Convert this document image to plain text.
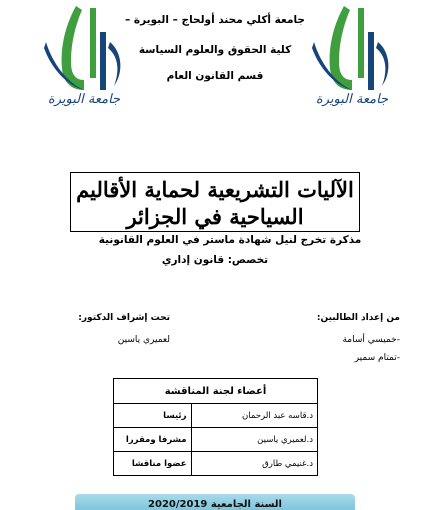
جامعة البويرة
جامعة البويرة
جامعة أكلي محند أولحاج – البويرة –
كلية الحقوق والعلوم السياسة
قسم القانون العام
الآليات التشريعية لحماية الأقاليم
السياحية في الجزائر
مذكرة تخرج لنيل شهادة ماستر في العلوم القانونية
تخصص: قانون إداري
من إعداد الطالبين:
-خميسي أسامة
-تمتام سمير
تحت إشراف الدكتور:
لعميري ياسين
أعضاء لجنة المناقشة	
د.قاسه عبد الرحمان	رئيسا
د.لعميري ياسين	مشرفا ومقررا
د.غنيمي طارق	عضوا مناقشا
السنة الجامعية 2020/2019
